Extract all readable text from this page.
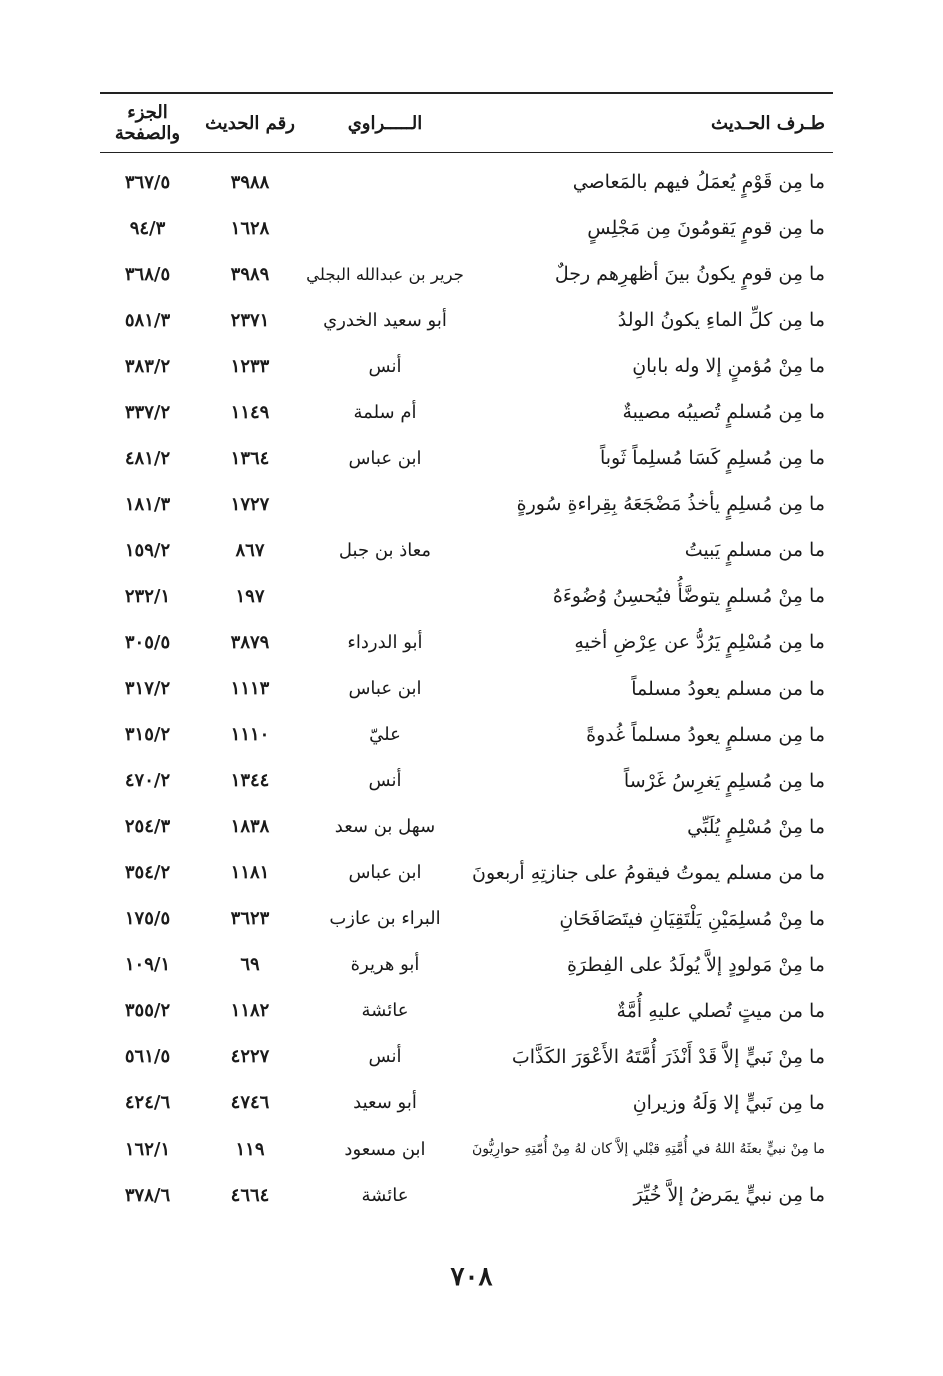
طـرف الحـديث
الـــــراوي
رقم الحديث
الجزء والصفحة
ما مِن قَوْمٍ يُعمَلُ فيهم بالمَعاصي
٣٩٨٨
٣٦٧/٥
ما مِن قومٍ يَقومُونَ مِن مَجْلِسٍ
١٦٢٨
٩٤/٣
ما مِن قومٍ يكونُ بينَ أظهرِهم رجلٌ
جرير بن عبدالله البجلي
٣٩٨٩
٣٦٨/٥
ما مِن كلِّ الماءِ يكونُ الولدُ
أبو سعيد الخدري
٢٣٧١
٥٨١/٣
ما مِنْ مُؤمنٍ إلا وله بابانِ
أنس
١٢٣٣
٣٨٣/٢
ما مِن مُسلمٍ تُصيبُه مصيبةٌ
أم سلمة
١١٤٩
٣٣٧/٢
ما مِن مُسلِمٍ كَسَا مُسلِماً ثَوباً
ابن عباس
١٣٦٤
٤٨١/٢
ما مِن مُسلِمٍ يأخذُ مَضْجَعَهُ بِقِراءةِ سُورةٍ
١٧٢٧
١٨١/٣
ما من مسلمٍ يَبيتُ
معاذ بن جبل
٨٦٧
١٥٩/٢
ما مِنْ مُسلمٍ يتوضَّأُ فيُحسِنُ وُضُوءَهُ
١٩٧
٢٣٢/١
ما مِن مُسْلِمٍ يَرُدُّ عن عِرْضِ أخيهِ
أبو الدرداء
٣٨٧٩
٣٠٥/٥
ما من مسلم يعودُ مسلماً
ابن عباس
١١١٣
٣١٧/٢
ما مِن مسلمٍ يعودُ مسلماً غُدوةً
عليّ
١١١٠
٣١٥/٢
ما مِن مُسلِمٍ يَغرِسُ غَرْساً
أنس
١٣٤٤
٤٧٠/٢
ما مِنْ مُسْلِمٍ يُلَبِّي
سهل بن سعد
١٨٣٨
٢٥٤/٣
ما من مسلم يموتُ فيقومُ على جنازتِهِ أربعونَ
ابن عباس
١١٨١
٣٥٤/٢
ما مِنْ مُسلِمَيْنِ يَلْتَقِيَانِ فيتَصَافَحَانِ
البراء بن عازب
٣٦٢٣
١٧٥/٥
ما مِنْ مَولودٍ إلاَّ يُولَدُ على الفِطرَةِ
أبو هريرة
٦٩
١٠٩/١
ما من ميتٍ تُصلي عليهِ أُمَّةٌ
عائشة
١١٨٢
٣٥٥/٢
ما مِنْ نَبيٍّ إلاَّ قَدْ أَنْذَرَ أُمَّتَهُ الأَعْوَرَ الكَذَّابَ
أنس
٤٢٢٧
٥٦١/٥
ما مِن نَبيٍّ إلا وَلَهُ وزيرانِ
أبو سعيد
٤٧٤٦
٤٢٤/٦
ما مِنْ نبيٍّ بعثَهُ اللهُ في أُمَّتِهِ قبْلي إلاَّ كان لهُ مِنْ أُمّتِهِ حوارِيُّونَ
ابن مسعود
١١٩
١٦٢/١
ما مِن نبيٍّ يمَرضُ إلاَّ خُيِّرَ
عائشة
٤٦٦٤
٣٧٨/٦
٧٠٨
